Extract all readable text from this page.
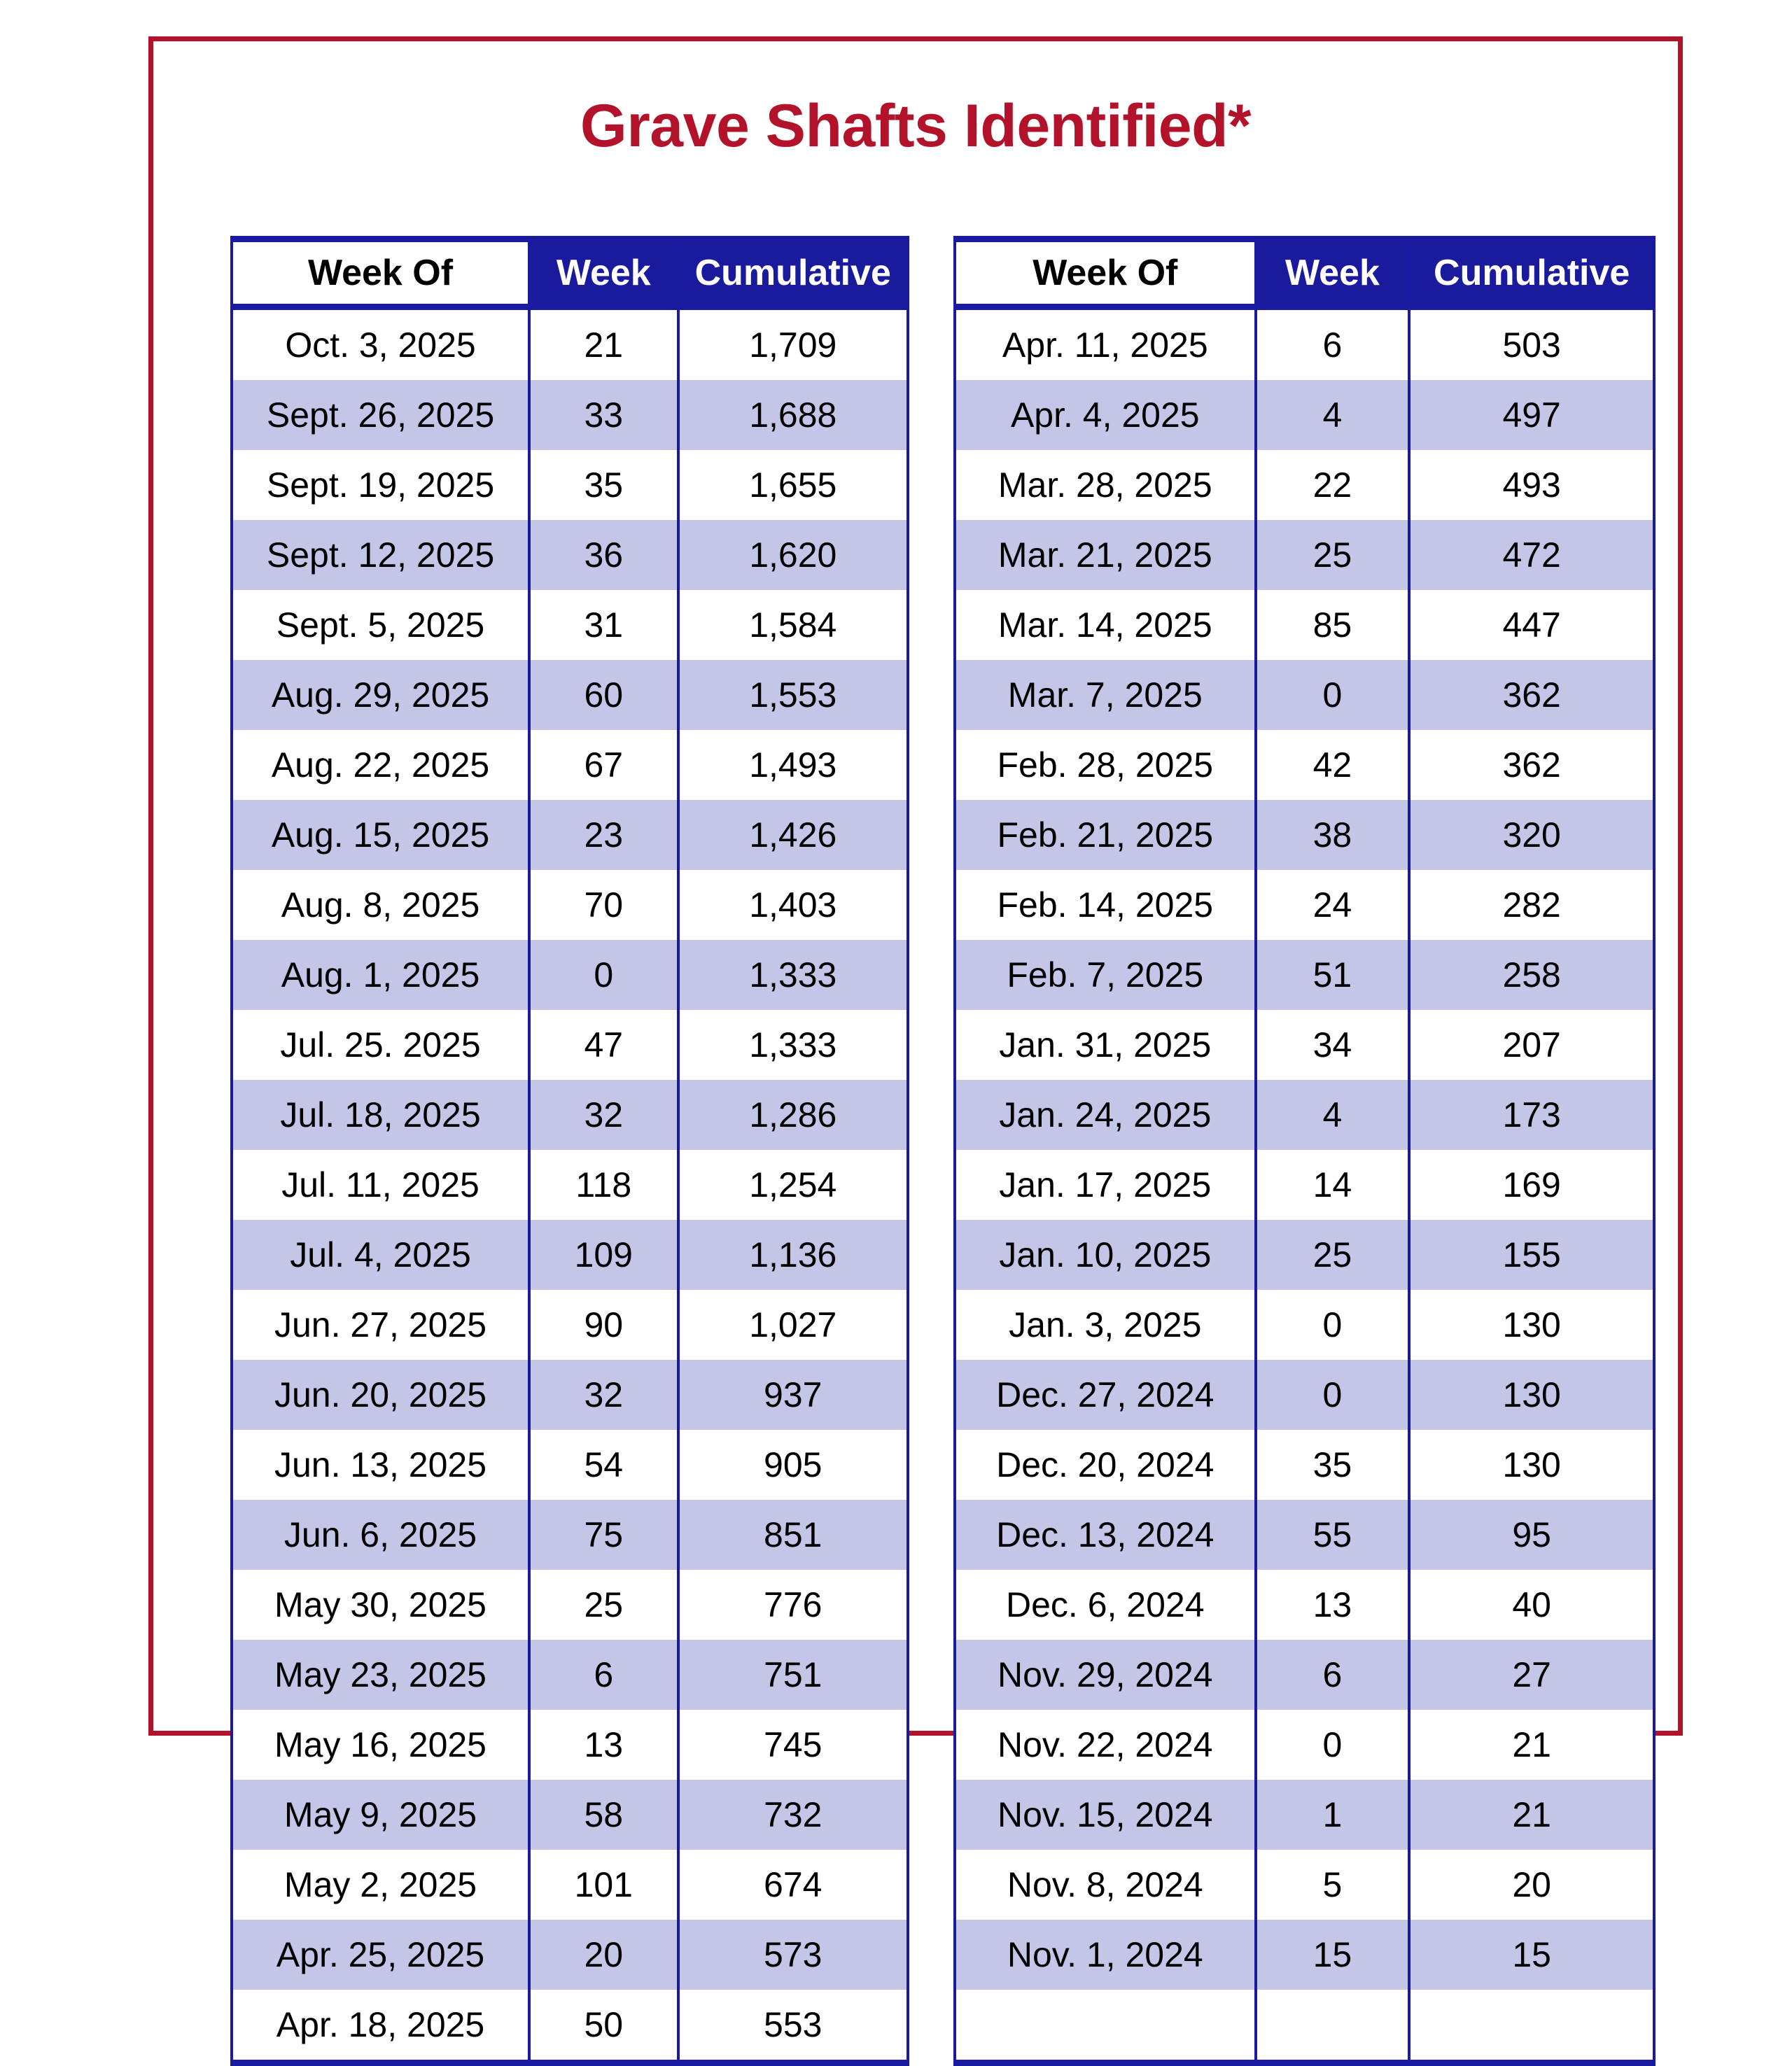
Grave Shafts Identified*
Week Of	Week	Cumulative
Oct. 3, 2025	21	1,709
Sept. 26, 2025	33	1,688
Sept. 19, 2025	35	1,655
Sept. 12, 2025	36	1,620
Sept. 5, 2025	31	1,584
Aug. 29, 2025	60	1,553
Aug. 22, 2025	67	1,493
Aug. 15, 2025	23	1,426
Aug. 8, 2025	70	1,403
Aug. 1, 2025	0	1,333
Jul. 25. 2025	47	1,333
Jul. 18, 2025	32	1,286
Jul. 11, 2025	118	1,254
Jul. 4, 2025	109	1,136
Jun. 27, 2025	90	1,027
Jun. 20, 2025	32	937
Jun. 13, 2025	54	905
Jun. 6, 2025	75	851
May 30, 2025	25	776
May 23, 2025	6	751
May 16, 2025	13	745
May 9, 2025	58	732
May 2, 2025	101	674
Apr. 25, 2025	20	573
Apr. 18, 2025	50	553
Week Of	Week	Cumulative
Apr. 11, 2025	6	503
Apr. 4, 2025	4	497
Mar. 28, 2025	22	493
Mar. 21, 2025	25	472
Mar. 14, 2025	85	447
Mar. 7, 2025	0	362
Feb. 28, 2025	42	362
Feb. 21, 2025	38	320
Feb. 14, 2025	24	282
Feb. 7, 2025	51	258
Jan. 31, 2025	34	207
Jan. 24, 2025	4	173
Jan. 17, 2025	14	169
Jan. 10, 2025	25	155
Jan. 3, 2025	0	130
Dec. 27, 2024	0	130
Dec. 20, 2024	35	130
Dec. 13, 2024	55	95
Dec. 6, 2024	13	40
Nov. 29, 2024	6	27
Nov. 22, 2024	0	21
Nov. 15, 2024	1	21
Nov. 8, 2024	5	20
Nov. 1, 2024	15	15
